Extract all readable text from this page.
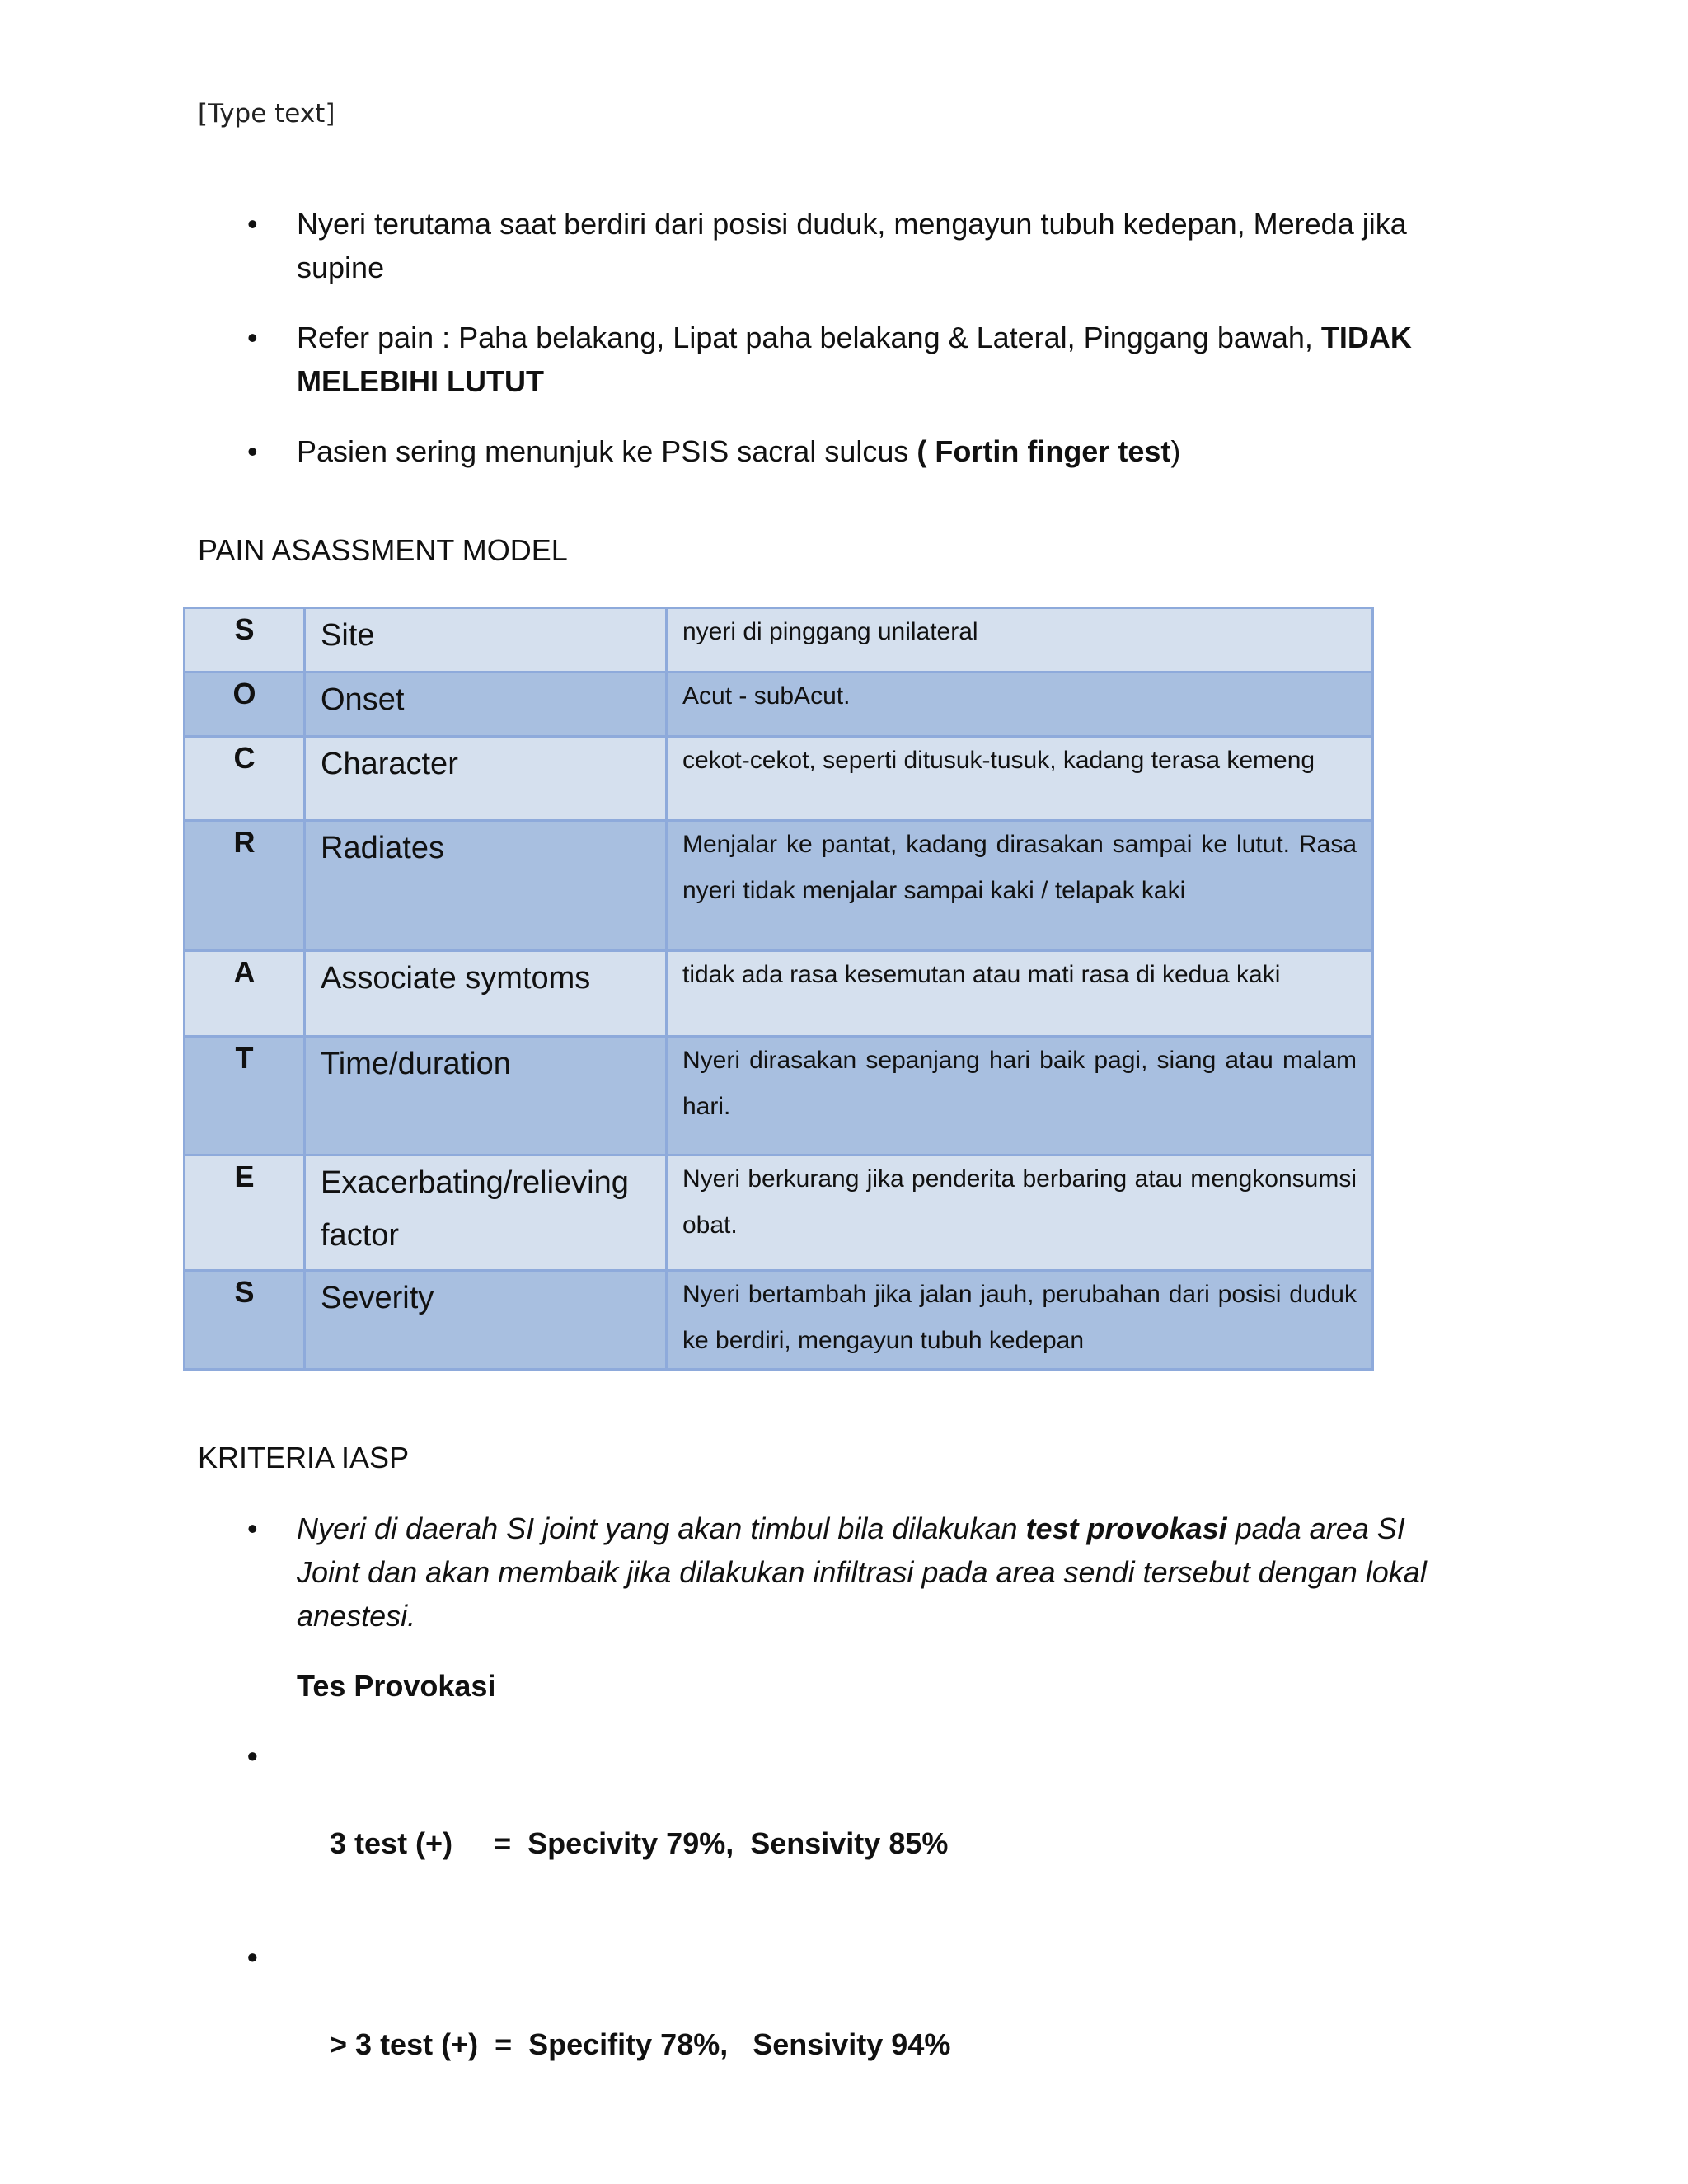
[Type text]
• Nyeri terutama saat berdiri dari posisi duduk, mengayun tubuh kedepan, Mereda jika supine
• Refer pain : Paha belakang, Lipat paha belakang & Lateral, Pinggang bawah, TIDAK MELEBIHI LUTUT
• Pasien sering menunjuk ke PSIS sacral sulcus ( Fortin finger test)
PAIN ASASSMENT MODEL
S	Site	nyeri di pinggang unilateral
O	Onset	Acut - subAcut.
C	Character	cekot-cekot, seperti ditusuk-tusuk, kadang terasa kemeng
R	Radiates	Menjalar ke pantat, kadang dirasakan sampai ke lutut. Rasa nyeri tidak menjalar sampai kaki / telapak kaki
A	Associate symtoms	tidak ada rasa kesemutan atau mati rasa di kedua kaki
T	Time/duration	Nyeri dirasakan sepanjang hari baik pagi, siang atau malam hari.
E	Exacerbating/relieving factor	Nyeri berkurang jika penderita berbaring atau mengkonsumsi obat.
S	Severity	Nyeri bertambah jika jalan jauh, perubahan dari posisi duduk ke berdiri, mengayun tubuh kedepan
KRITERIA IASP
• Nyeri di daerah SI joint yang akan timbul bila dilakukan test provokasi pada area SI Joint dan akan membaik jika dilakukan infiltrasi pada area sendi tersebut dengan lokal anestesi.
Tes Provokasi

•

3 test (+)     =  Specivity 79%,  Sensivity 85%

•

> 3 test (+)  =  Specifity 78%,   Sensivity 94%
